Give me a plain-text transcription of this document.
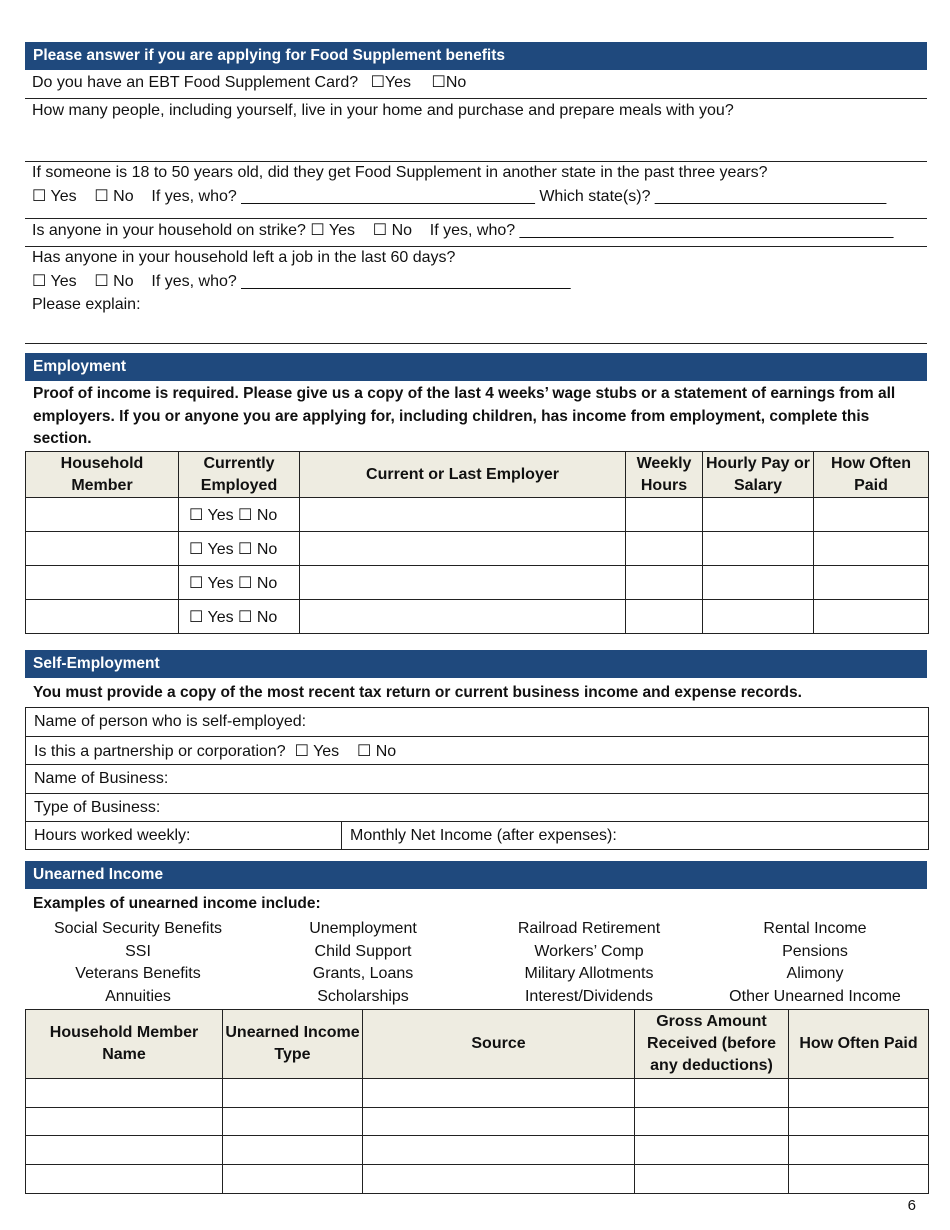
Please answer if you are applying for Food Supplement benefits
Do you have an EBT Food Supplement Card? ☐Yes ☐No
How many people, including yourself, live in your home and purchase and prepare meals with you?
If someone is 18 to 50 years old, did they get Food Supplement in another state in the past three years?
☐ Yes    ☐ No    If yes, who? _________________________________ Which state(s)? __________________________
Is anyone in your household on strike? ☐ Yes    ☐ No    If yes, who? __________________________________________
Has anyone in your household left a job in the last 60 days?
☐ Yes    ☐ No    If yes, who? _____________________________________
Please explain:
Employment
Proof of income is required. Please give us a copy of the last 4 weeks’ wage stubs or a statement of earnings from all employers. If you or anyone you are applying for, including children, has income from employment, complete this section.
Household Member	Currently Employed	Current or Last Employer	Weekly Hours	Hourly Pay or Salary	How Often Paid
	☐ Yes ☐ No				
	☐ Yes ☐ No				
	☐ Yes ☐ No				
	☐ Yes ☐ No				
Self-Employment
You must provide a copy of the most recent tax return or current business income and expense records.
Name of person who is self-employed:
Is this a partnership or corporation?  ☐ Yes    ☐ No
Name of Business:
Type of Business:
Hours worked weekly:	Monthly Net Income (after expenses):
Unearned Income
Examples of unearned income include:
Social Security Benefits
SSI
Veterans Benefits
Annuities
Unemployment
Child Support
Grants, Loans
Scholarships
Railroad Retirement
Workers’ Comp
Military Allotments
Interest/Dividends
Rental Income
Pensions
Alimony
Other Unearned Income
Household Member Name	Unearned Income Type	Source	Gross Amount Received (before any deductions)	How Often Paid

6
